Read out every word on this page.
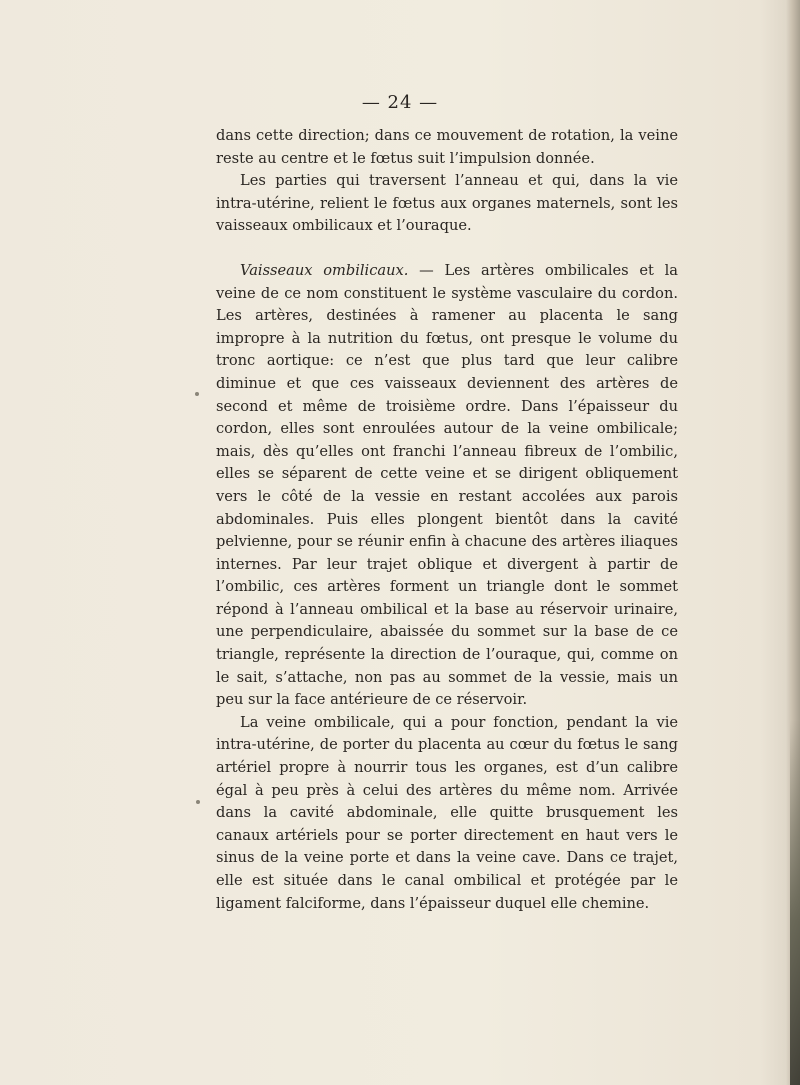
— 24 —

dans cette direction; dans ce mouvement de rotation, la veine reste au centre et le fœtus suit l’impulsion donnée.

Les parties qui traversent l’anneau et qui, dans la vie intra-utérine, relient le fœtus aux organes maternels, sont les vaisseaux ombilicaux et l’ouraque.

Vaisseaux ombilicaux. — Les artères ombilicales et la veine de ce nom constituent le système vasculaire du cordon. Les artères, destinées à ramener au placenta le sang impropre à la nutrition du fœtus, ont presque le volume du tronc aortique: ce n’est que plus tard que leur calibre diminue et que ces vaisseaux deviennent des artères de second et même de troisième ordre. Dans l’épaisseur du cordon, elles sont enroulées autour de la veine ombilicale; mais, dès qu’elles ont franchi l’anneau fibreux de l’ombilic, elles se séparent de cette veine et se dirigent obliquement vers le côté de la vessie en restant accolées aux parois abdominales. Puis elles plongent bientôt dans la cavité pelvienne, pour se réunir enfin à chacune des artères iliaques internes. Par leur trajet oblique et divergent à partir de l’ombilic, ces artères forment un triangle dont le sommet répond à l’anneau ombilical et la base au réservoir urinaire, une perpendiculaire, abaissée du sommet sur la base de ce triangle, représente la direction de l’ouraque, qui, comme on le sait, s’attache, non pas au sommet de la vessie, mais un peu sur la face antérieure de ce réservoir.

La veine ombilicale, qui a pour fonction, pendant la vie intra-utérine, de porter du placenta au cœur du fœtus le sang artériel propre à nourrir tous les organes, est d’un calibre égal à peu près à celui des artères du même nom. Arrivée dans la cavité abdominale, elle quitte brusquement les canaux artériels pour se porter directement en haut vers le sinus de la veine porte et dans la veine cave. Dans ce trajet, elle est située dans le canal ombilical et protégée par le ligament falciforme, dans l’épaisseur duquel elle chemine.
